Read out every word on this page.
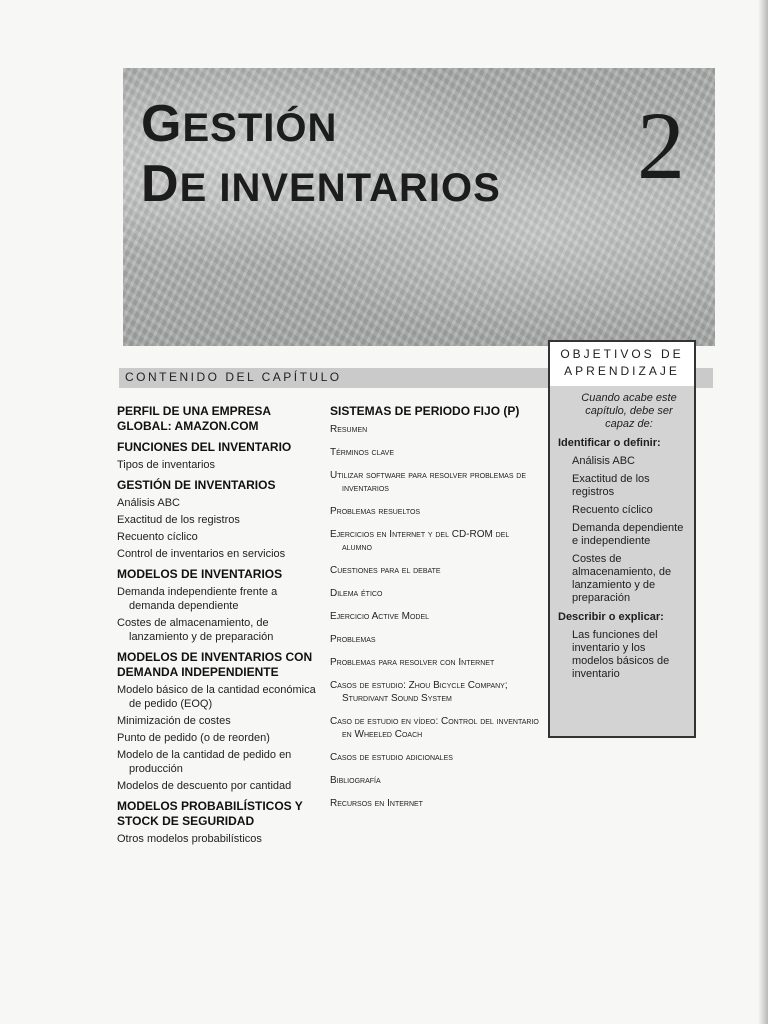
GESTIÓN
DE INVENTARIOS 2
CONTENIDO DEL CAPÍTULO
PERFIL DE UNA EMPRESA GLOBAL: AMAZON.COM
FUNCIONES DEL INVENTARIO
Tipos de inventarios
GESTIÓN DE INVENTARIOS
Análisis ABC
Exactitud de los registros
Recuento cíclico
Control de inventarios en servicios
MODELOS DE INVENTARIOS
Demanda independiente frente a demanda dependiente
Costes de almacenamiento, de lanzamiento y de preparación
MODELOS DE INVENTARIOS CON DEMANDA INDEPENDIENTE
Modelo básico de la cantidad económica de pedido (EOQ)
Minimización de costes
Punto de pedido (o de reorden)
Modelo de la cantidad de pedido en producción
Modelos de descuento por cantidad
MODELOS PROBABILÍSTICOS Y STOCK DE SEGURIDAD
Otros modelos probabilísticos
SISTEMAS DE PERIODO FIJO (P)
Resumen
Términos clave
Utilizar software para resolver problemas de inventarios
Problemas resueltos
Ejercicios en Internet y del CD-ROM del alumno
Cuestiones para el debate
Dilema ético
Ejercicio Active Model
Problemas
Problemas para resolver con Internet
Casos de estudio: Zhou Bicycle Company; Sturdivant Sound System
Caso de estudio en vídeo: Control del inventario en Wheeled Coach
Casos de estudio adicionales
Bibliografía
Recursos en Internet
OBJETIVOS DE
APRENDIZAJE
Cuando acabe este capítulo, debe ser capaz de:
Identificar o definir:
Análisis ABC
Exactitud de los registros
Recuento cíclico
Demanda dependiente e independiente
Costes de almacenamiento, de lanzamiento y de preparación
Describir o explicar:
Las funciones del inventario y los modelos básicos de inventario
